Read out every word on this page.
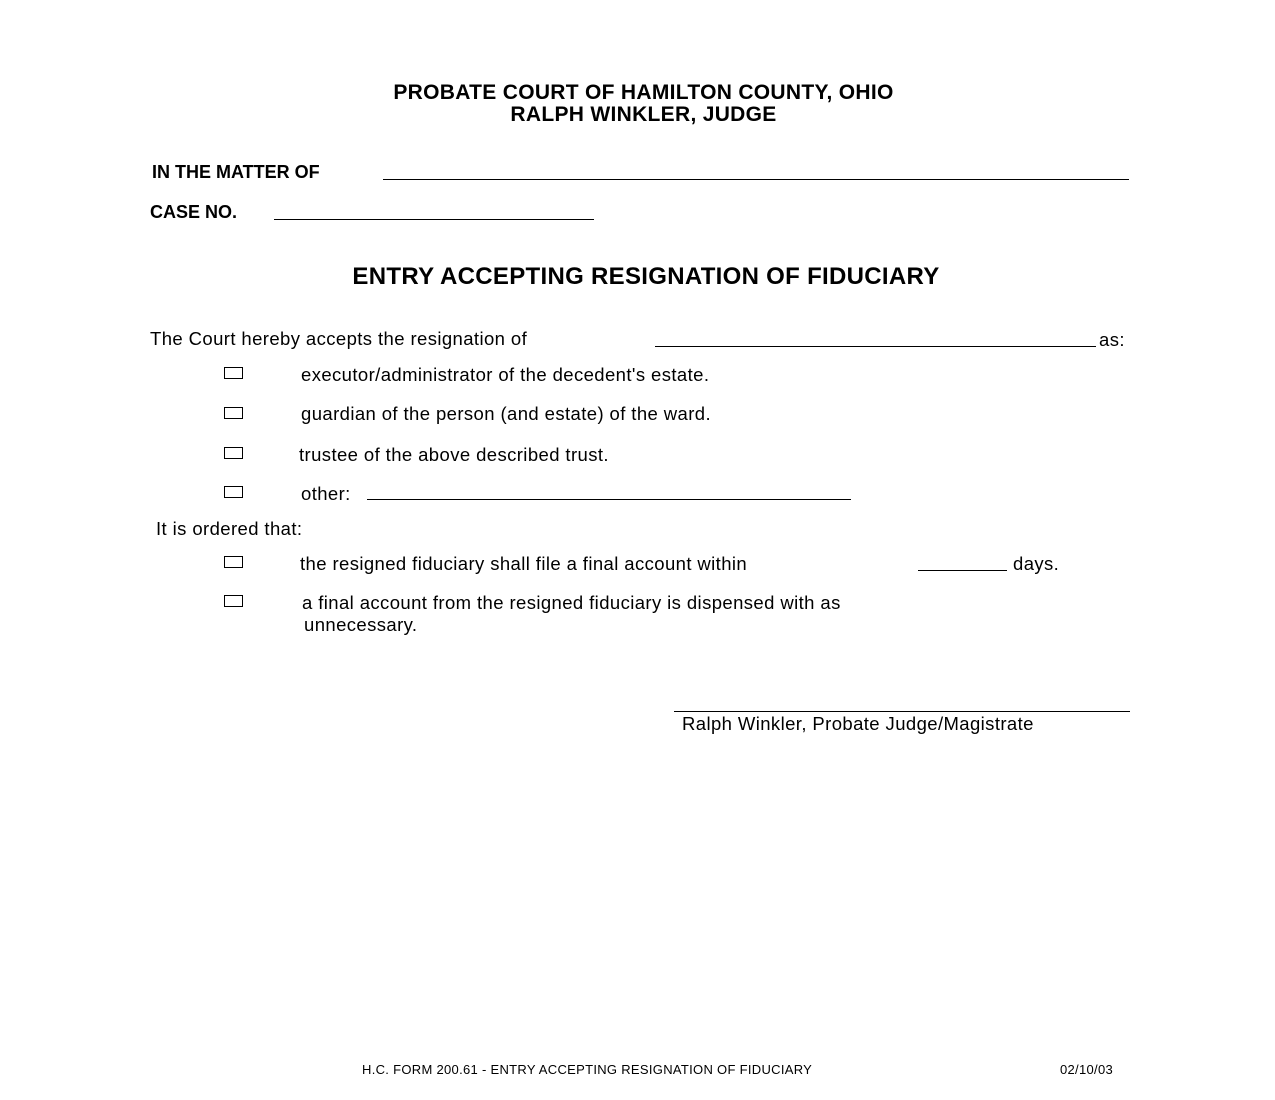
PROBATE COURT OF HAMILTON COUNTY, OHIO
RALPH WINKLER, JUDGE
IN THE MATTER OF
CASE NO.
ENTRY ACCEPTING RESIGNATION OF FIDUCIARY
The Court hereby accepts the resignation of	as:
executor/administrator of the decedent's estate.
guardian of the person (and estate) of the ward.
trustee of the above described trust.
other:
It is ordered that:
the resigned fiduciary shall file a final account within	days.
a final account from the resigned fiduciary is dispensed with as
unnecessary.
Ralph Winkler, Probate Judge/Magistrate
H.C. FORM 200.61 - ENTRY ACCEPTING RESIGNATION OF FIDUCIARY	02/10/03
